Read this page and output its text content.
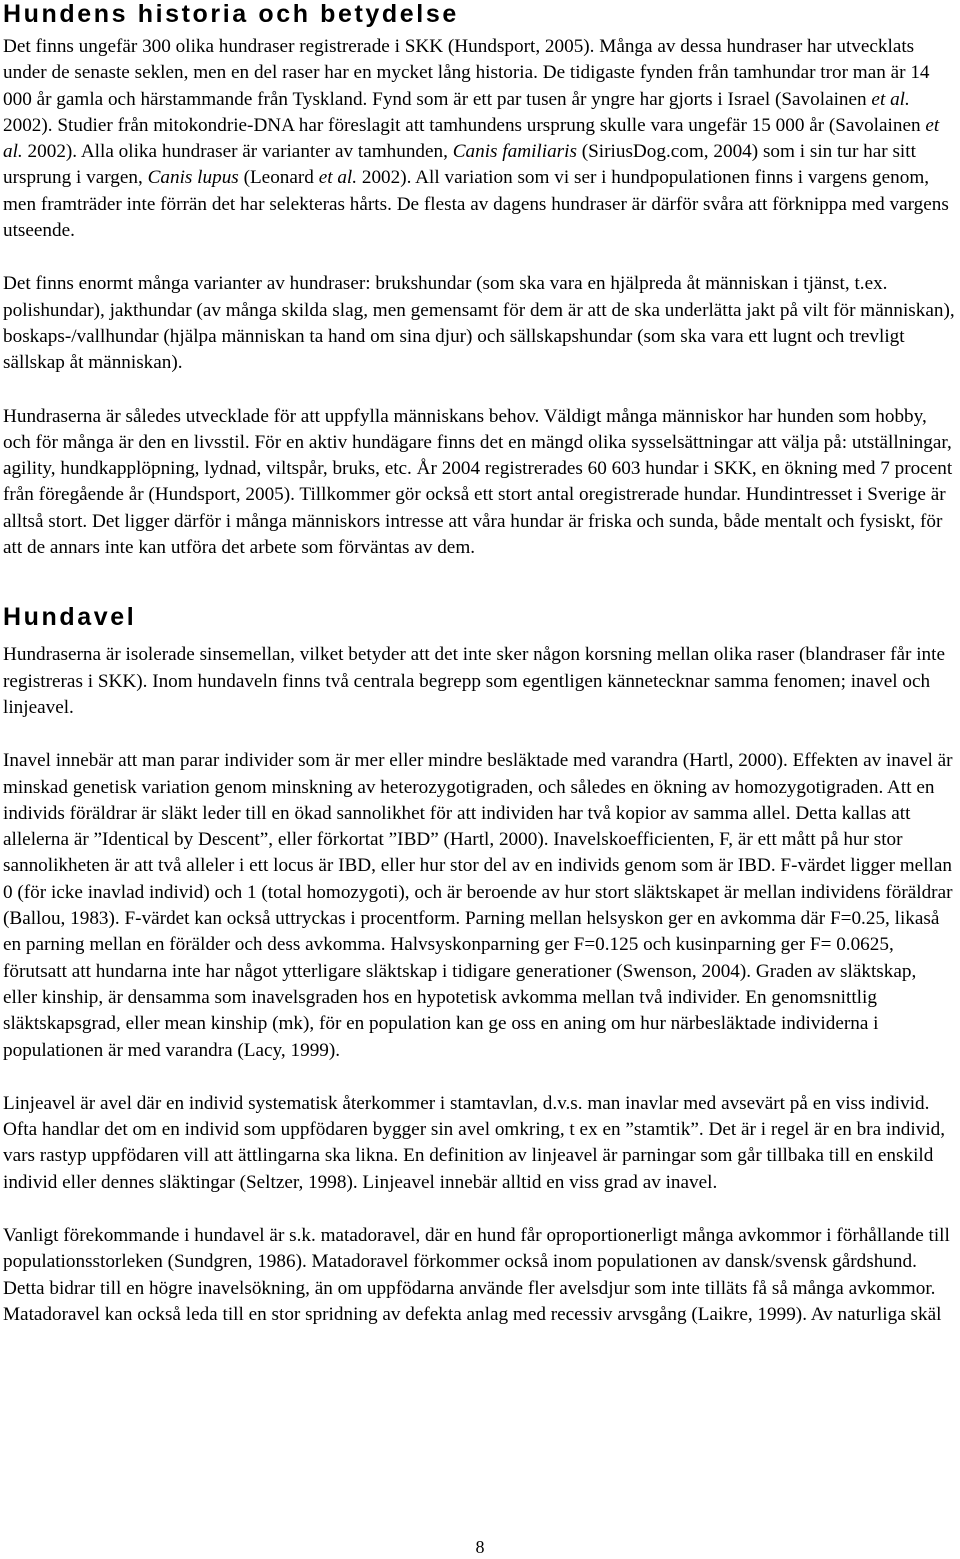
Hundens historia och betydelse

Det finns ungefär 300 olika hundraser registrerade i SKK (Hundsport, 2005). Många av dessa hundraser har utvecklats under de senaste seklen, men en del raser har en mycket lång historia. De tidigaste fynden från tamhundar tror man är 14 000 år gamla och härstammande från Tyskland. Fynd som är ett par tusen år yngre har gjorts i Israel (Savolainen et al. 2002). Studier från mitokondrie-DNA har föreslagit att tamhundens ursprung skulle vara ungefär 15 000 år (Savolainen et al. 2002). Alla olika hundraser är varianter av tamhunden, Canis familiaris (SiriusDog.com, 2004) som i sin tur har sitt ursprung i vargen, Canis lupus (Leonard et al. 2002). All variation som vi ser i hundpopulationen finns i vargens genom, men framträder inte förrän det har selekteras hårts. De flesta av dagens hundraser är därför svåra att förknippa med vargens utseende.

Det finns enormt många varianter av hundraser: brukshundar (som ska vara en hjälpreda åt människan i tjänst, t.ex. polishundar), jakthundar (av många skilda slag, men gemensamt för dem är att de ska underlätta jakt på vilt för människan), boskaps-/vallhundar (hjälpa människan ta hand om sina djur) och sällskapshundar (som ska vara ett lugnt och trevligt sällskap åt människan).

Hundraserna är således utvecklade för att uppfylla människans behov. Väldigt många människor har hunden som hobby, och för många är den en livsstil. För en aktiv hundägare finns det en mängd olika sysselsättningar att välja på: utställningar, agility, hundkapplöpning, lydnad, viltspår, bruks, etc. År 2004 registrerades 60 603 hundar i SKK, en ökning med 7 procent från föregående år (Hundsport, 2005). Tillkommer gör också ett stort antal oregistrerade hundar. Hundintresset i Sverige är alltså stort. Det ligger därför i många människors intresse att våra hundar är friska och sunda, både mentalt och fysiskt, för att de annars inte kan utföra det arbete som förväntas av dem.

Hundavel

Hundraserna är isolerade sinsemellan, vilket betyder att det inte sker någon korsning mellan olika raser (blandraser får inte registreras i SKK). Inom hundaveln finns två centrala begrepp som egentligen kännetecknar samma fenomen; inavel och linjeavel.

Inavel innebär att man parar individer som är mer eller mindre besläktade med varandra (Hartl, 2000). Effekten av inavel är minskad genetisk variation genom minskning av heterozygotigraden, och således en ökning av homozygotigraden. Att en individs föräldrar är släkt leder till en ökad sannolikhet för att individen har två kopior av samma allel. Detta kallas att allelerna är ”Identical by Descent”, eller förkortat ”IBD” (Hartl, 2000). Inavelskoefficienten, F, är ett mått på hur stor sannolikheten är att två alleler i ett locus är IBD, eller hur stor del av en individs genom som är IBD. F-värdet ligger mellan 0 (för icke inavlad individ) och 1 (total homozygoti), och är beroende av hur stort släktskapet är mellan individens föräldrar (Ballou, 1983). F-värdet kan också uttryckas i procentform. Parning mellan helsyskon ger en avkomma där F=0.25, likaså en parning mellan en förälder och dess avkomma. Halvsyskonparning ger F=0.125 och kusinparning ger F= 0.0625, förutsatt att hundarna inte har något ytterligare släktskap i tidigare generationer (Swenson, 2004). Graden av släktskap, eller kinship, är densamma som inavelsgraden hos en hypotetisk avkomma mellan två individer. En genomsnittlig släktskapsgrad, eller mean kinship (mk), för en population kan ge oss en aning om hur närbesläktade individerna i populationen är med varandra (Lacy, 1999).

Linjeavel är avel där en individ systematisk återkommer i stamtavlan, d.v.s. man inavlar med avsevärt på en viss individ. Ofta handlar det om en individ som uppfödaren bygger sin avel omkring, t ex en ”stamtik”. Det är i regel är en bra individ, vars rastyp uppfödaren vill att ättlingarna ska likna. En definition av linjeavel är parningar som går tillbaka till en enskild individ eller dennes släktingar (Seltzer, 1998). Linjeavel innebär alltid en viss grad av inavel.

Vanligt förekommande i hundavel är s.k. matadoravel, där en hund får oproportionerligt många avkommor i förhållande till populationsstorleken (Sundgren, 1986). Matadoravel förkommer också inom populationen av dansk/svensk gårdshund. Detta bidrar till en högre inavelsökning, än om uppfödarna använde fler avelsdjur som inte tilläts få så många avkommor. Matadoravel kan också leda till en stor spridning av defekta anlag med recessiv arvsgång (Laikre, 1999). Av naturliga skäl

8
